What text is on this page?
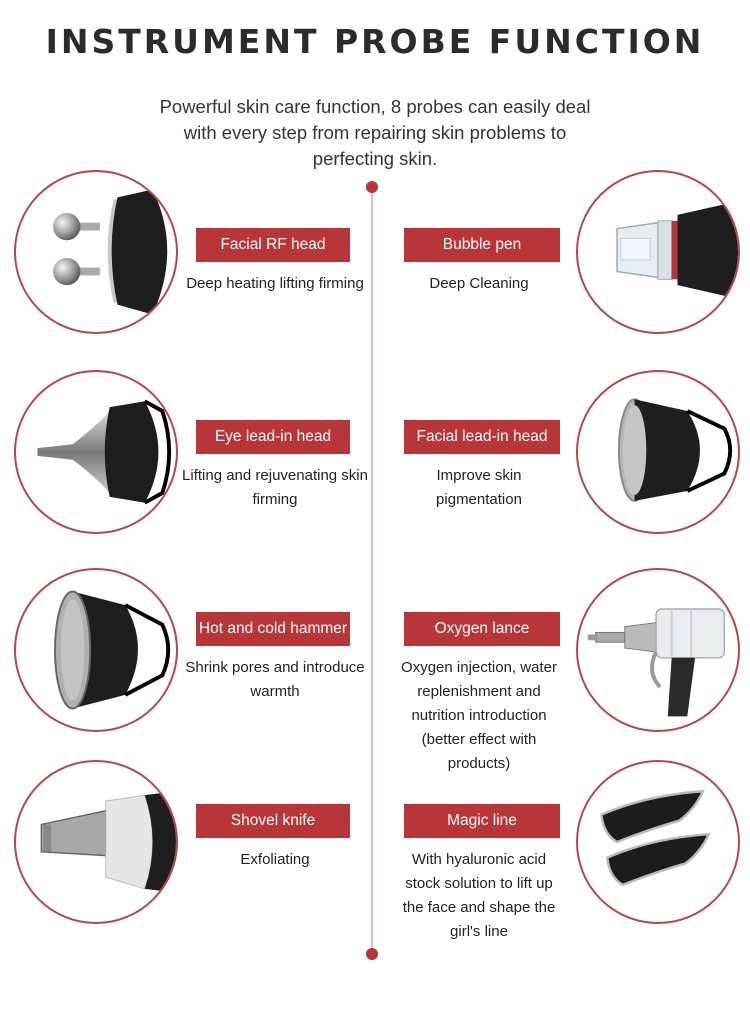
INSTRUMENT PROBE FUNCTION
Powerful skin care function, 8 probes can easily deal with every step from repairing skin problems to perfecting skin.
Facial RF head
Deep heating lifting firming
Bubble pen
Deep Cleaning
Eye lead-in head
Lifting and rejuvenating skin firming
Facial lead-in head
Improve skin pigmentation
Hot and cold hammer
Shrink pores and introduce warmth
Oxygen lance
Oxygen injection, water replenishment and nutrition introduction (better effect with products)
Shovel knife
Exfoliating
Magic line
With hyaluronic acid stock solution to lift up the face and shape the girl's line
